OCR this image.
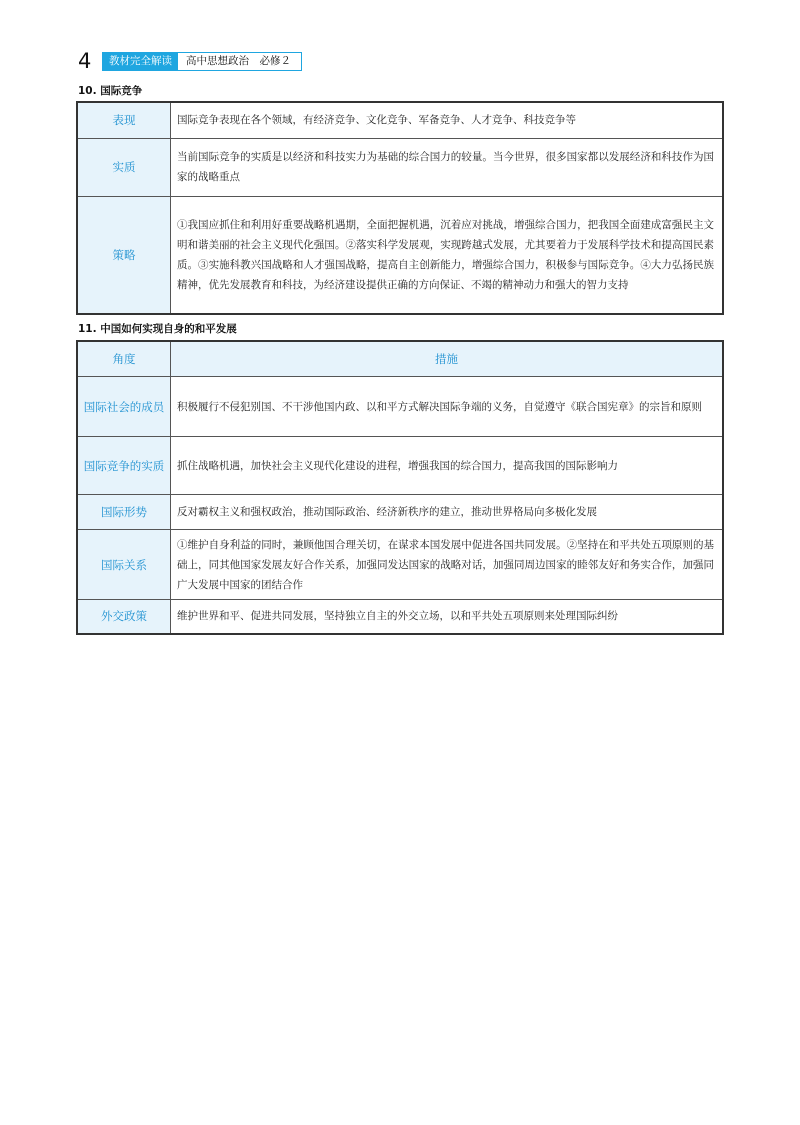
4	教材完全解读	高中思想政治　必修２
10. 国际竞争
表现	国际竞争表现在各个领域，有经济竞争、文化竞争、军备竞争、人才竞争、科技竞争等
实质	当前国际竞争的实质是以经济和科技实力为基础的综合国力的较量。当今世界，很多国家都以发展经济和科技作为国家的战略重点
策略	①我国应抓住和利用好重要战略机遇期，全面把握机遇，沉着应对挑战，增强综合国力，把我国全面建成富强民主文明和谐美丽的社会主义现代化强国。②落实科学发展观，实现跨越式发展，尤其要着力于发展科学技术和提高国民素质。③实施科教兴国战略和人才强国战略，提高自主创新能力，增强综合国力，积极参与国际竞争。④大力弘扬民族精神，优先发展教育和科技，为经济建设提供正确的方向保证、不竭的精神动力和强大的智力支持
11. 中国如何实现自身的和平发展
角度	措施
国际社会的成员	积极履行不侵犯别国、不干涉他国内政、以和平方式解决国际争端的义务，自觉遵守《联合国宪章》的宗旨和原则
国际竞争的实质	抓住战略机遇，加快社会主义现代化建设的进程，增强我国的综合国力，提高我国的国际影响力
国际形势	反对霸权主义和强权政治，推动国际政治、经济新秩序的建立，推动世界格局向多极化发展
国际关系	①维护自身利益的同时，兼顾他国合理关切，在谋求本国发展中促进各国共同发展。②坚持在和平共处五项原则的基础上，同其他国家发展友好合作关系，加强同发达国家的战略对话，加强同周边国家的睦邻友好和务实合作，加强同广大发展中国家的团结合作
外交政策	维护世界和平、促进共同发展，坚持独立自主的外交立场，以和平共处五项原则来处理国际纠纷
